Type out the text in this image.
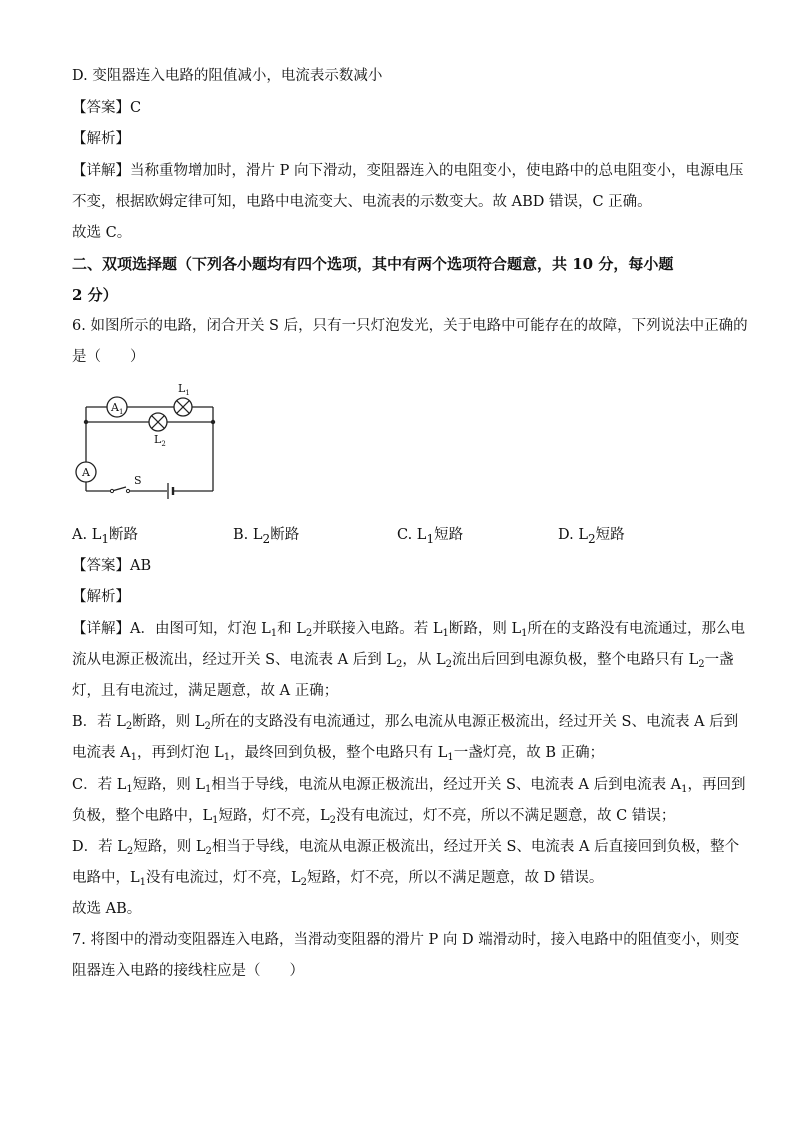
D. 变阻器连入电路的阻值减小，电流表示数减小
【答案】C
【解析】
【详解】当称重物增加时，滑片 P 向下滑动，变阻器连入的电阻变小，使电路中的总电阻变小，电源电压
不变，根据欧姆定律可知，电路中电流变大、电流表的示数变大。故 ABD 错误，C 正确。
故选 C。
二、双项选择题（下列各小题均有四个选项，其中有两个选项符合题意，共 10 分，每小题
2 分）
6. 如图所示的电路，闭合开关 S 后，只有一只灯泡发光，关于电路中可能存在的故障，下列说法中正确的
是（　　）
$A_1$
$L_1$
$L_2$
A
S
A. $L_1$断路	B. $L_2$断路	C. $L_1$短路	D. $L_2$短路
【答案】AB
【解析】
【详解】A．由图可知，灯泡 $L_1$和 $L_2$并联接入电路。若 $L_1$断路，则 $L_1$所在的支路没有电流通过，那么电
流从电源正极流出，经过开关 S、电流表 A 后到 $L_2$，从 $L_2$流出后回到电源负极，整个电路只有 $L_2$一盏
灯，且有电流过，满足题意，故 A 正确；
B．若 $L_2$断路，则 $L_2$所在的支路没有电流通过，那么电流从电源正极流出，经过开关 S、电流表 A 后到
电流表 $A_1$，再到灯泡 $L_1$，最终回到负极，整个电路只有 $L_1$一盏灯亮，故 B 正确；
C．若 $L_1$短路，则 $L_1$相当于导线，电流从电源正极流出，经过开关 S、电流表 A 后到电流表 $A_1$，再回到
负极，整个电路中，$L_1$短路，灯不亮，$L_2$没有电流过，灯不亮，所以不满足题意，故 C 错误；
D．若 $L_2$短路，则 $L_2$相当于导线，电流从电源正极流出，经过开关 S、电流表 A 后直接回到负极，整个
电路中，$L_1$没有电流过，灯不亮，$L_2$短路，灯不亮，所以不满足题意，故 D 错误。
故选 AB。
7. 将图中的滑动变阻器连入电路，当滑动变阻器的滑片 P 向 D 端滑动时，接入电路中的阻值变小，则变
阻器连入电路的接线柱应是（　　）
